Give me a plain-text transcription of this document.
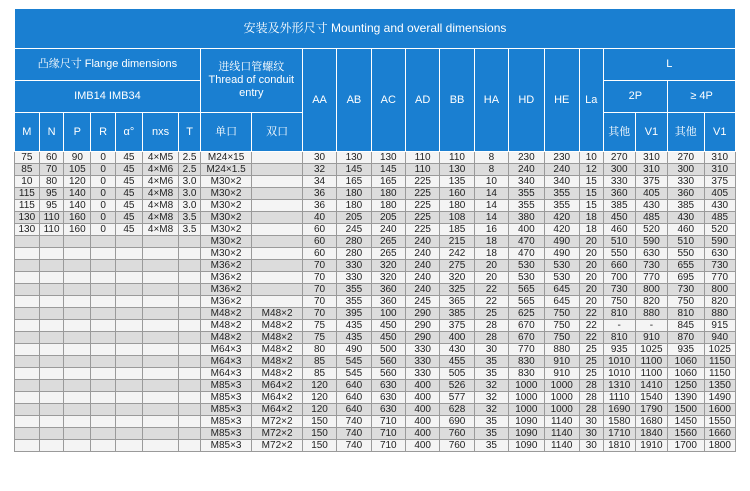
安装及外形尺寸 Mounting and overall dimensions																					
凸缘尺寸 Flange dimensions							进线口管螺纹 Thread of conduit entry		AA	AB	AC	AD	BB	HA	HD	HE	La	L			
IMB14 IMB34																		2P		≥ 4P	
M	N	P	R	α°	nxs	T	单口	双口										其他	V1	其他	V1
75	60	90	0	45	4×M5	2.5	M24×15		30	130	130	110	110	8	230	230	10	270	310	270	310
85	70	105	0	45	4×M6	2.5	M24×1.5		32	145	145	110	130	8	240	240	12	300	310	300	310
10	80	120	0	45	4×M6	3.0	M30×2		34	165	165	225	135	10	340	340	15	330	375	330	375
115	95	140	0	45	4×M8	3.0	M30×2		36	180	180	225	160	14	355	355	15	360	405	360	405
115	95	140	0	45	4×M8	3.0	M30×2		36	180	180	225	180	14	355	355	15	385	430	385	430
130	110	160	0	45	4×M8	3.5	M30×2		40	205	205	225	108	14	380	420	18	450	485	430	485
130	110	160	0	45	4×M8	3.5	M30×2		60	245	240	225	185	16	400	420	18	460	520	460	520
							M30×2		60	280	265	240	215	18	470	490	20	510	590	510	590
							M30×2		60	280	265	240	242	18	470	490	20	550	630	550	630
							M36×2		70	330	320	240	275	20	530	530	20	660	730	655	730
							M36×2		70	330	320	240	320	20	530	530	20	700	770	695	770
							M36×2		70	355	360	240	325	22	565	645	20	730	800	730	800
							M36×2		70	355	360	245	365	22	565	645	20	750	820	750	820
							M48×2	M48×2	70	395	100	290	385	25	625	750	22	810	880	810	880
							M48×2	M48×2	75	435	450	290	375	28	670	750	22	-	-	845	915
							M48×2	M48×2	75	435	450	290	400	28	670	750	22	810	910	870	940
							M64×3	M48×2	80	490	500	330	430	30	770	880	25	935	1025	935	1025
							M64×3	M48×2	85	545	560	330	455	35	830	910	25	1010	1100	1060	1150
							M64×3	M48×2	85	545	560	330	505	35	830	910	25	1010	1100	1060	1150
							M85×3	M64×2	120	640	630	400	526	32	1000	1000	28	1310	1410	1250	1350
							M85×3	M64×2	120	640	630	400	577	32	1000	1000	28	1110	1540	1390	1490
							M85×3	M64×2	120	640	630	400	628	32	1000	1000	28	1690	1790	1500	1600
							M85×3	M72×2	150	740	710	400	690	35	1090	1140	30	1580	1680	1450	1550
							M85×3	M72×2	150	740	710	400	760	35	1090	1140	30	1710	1840	1560	1660
							M85×3	M72×2	150	740	710	400	760	35	1090	1140	30	1810	1910	1700	1800
